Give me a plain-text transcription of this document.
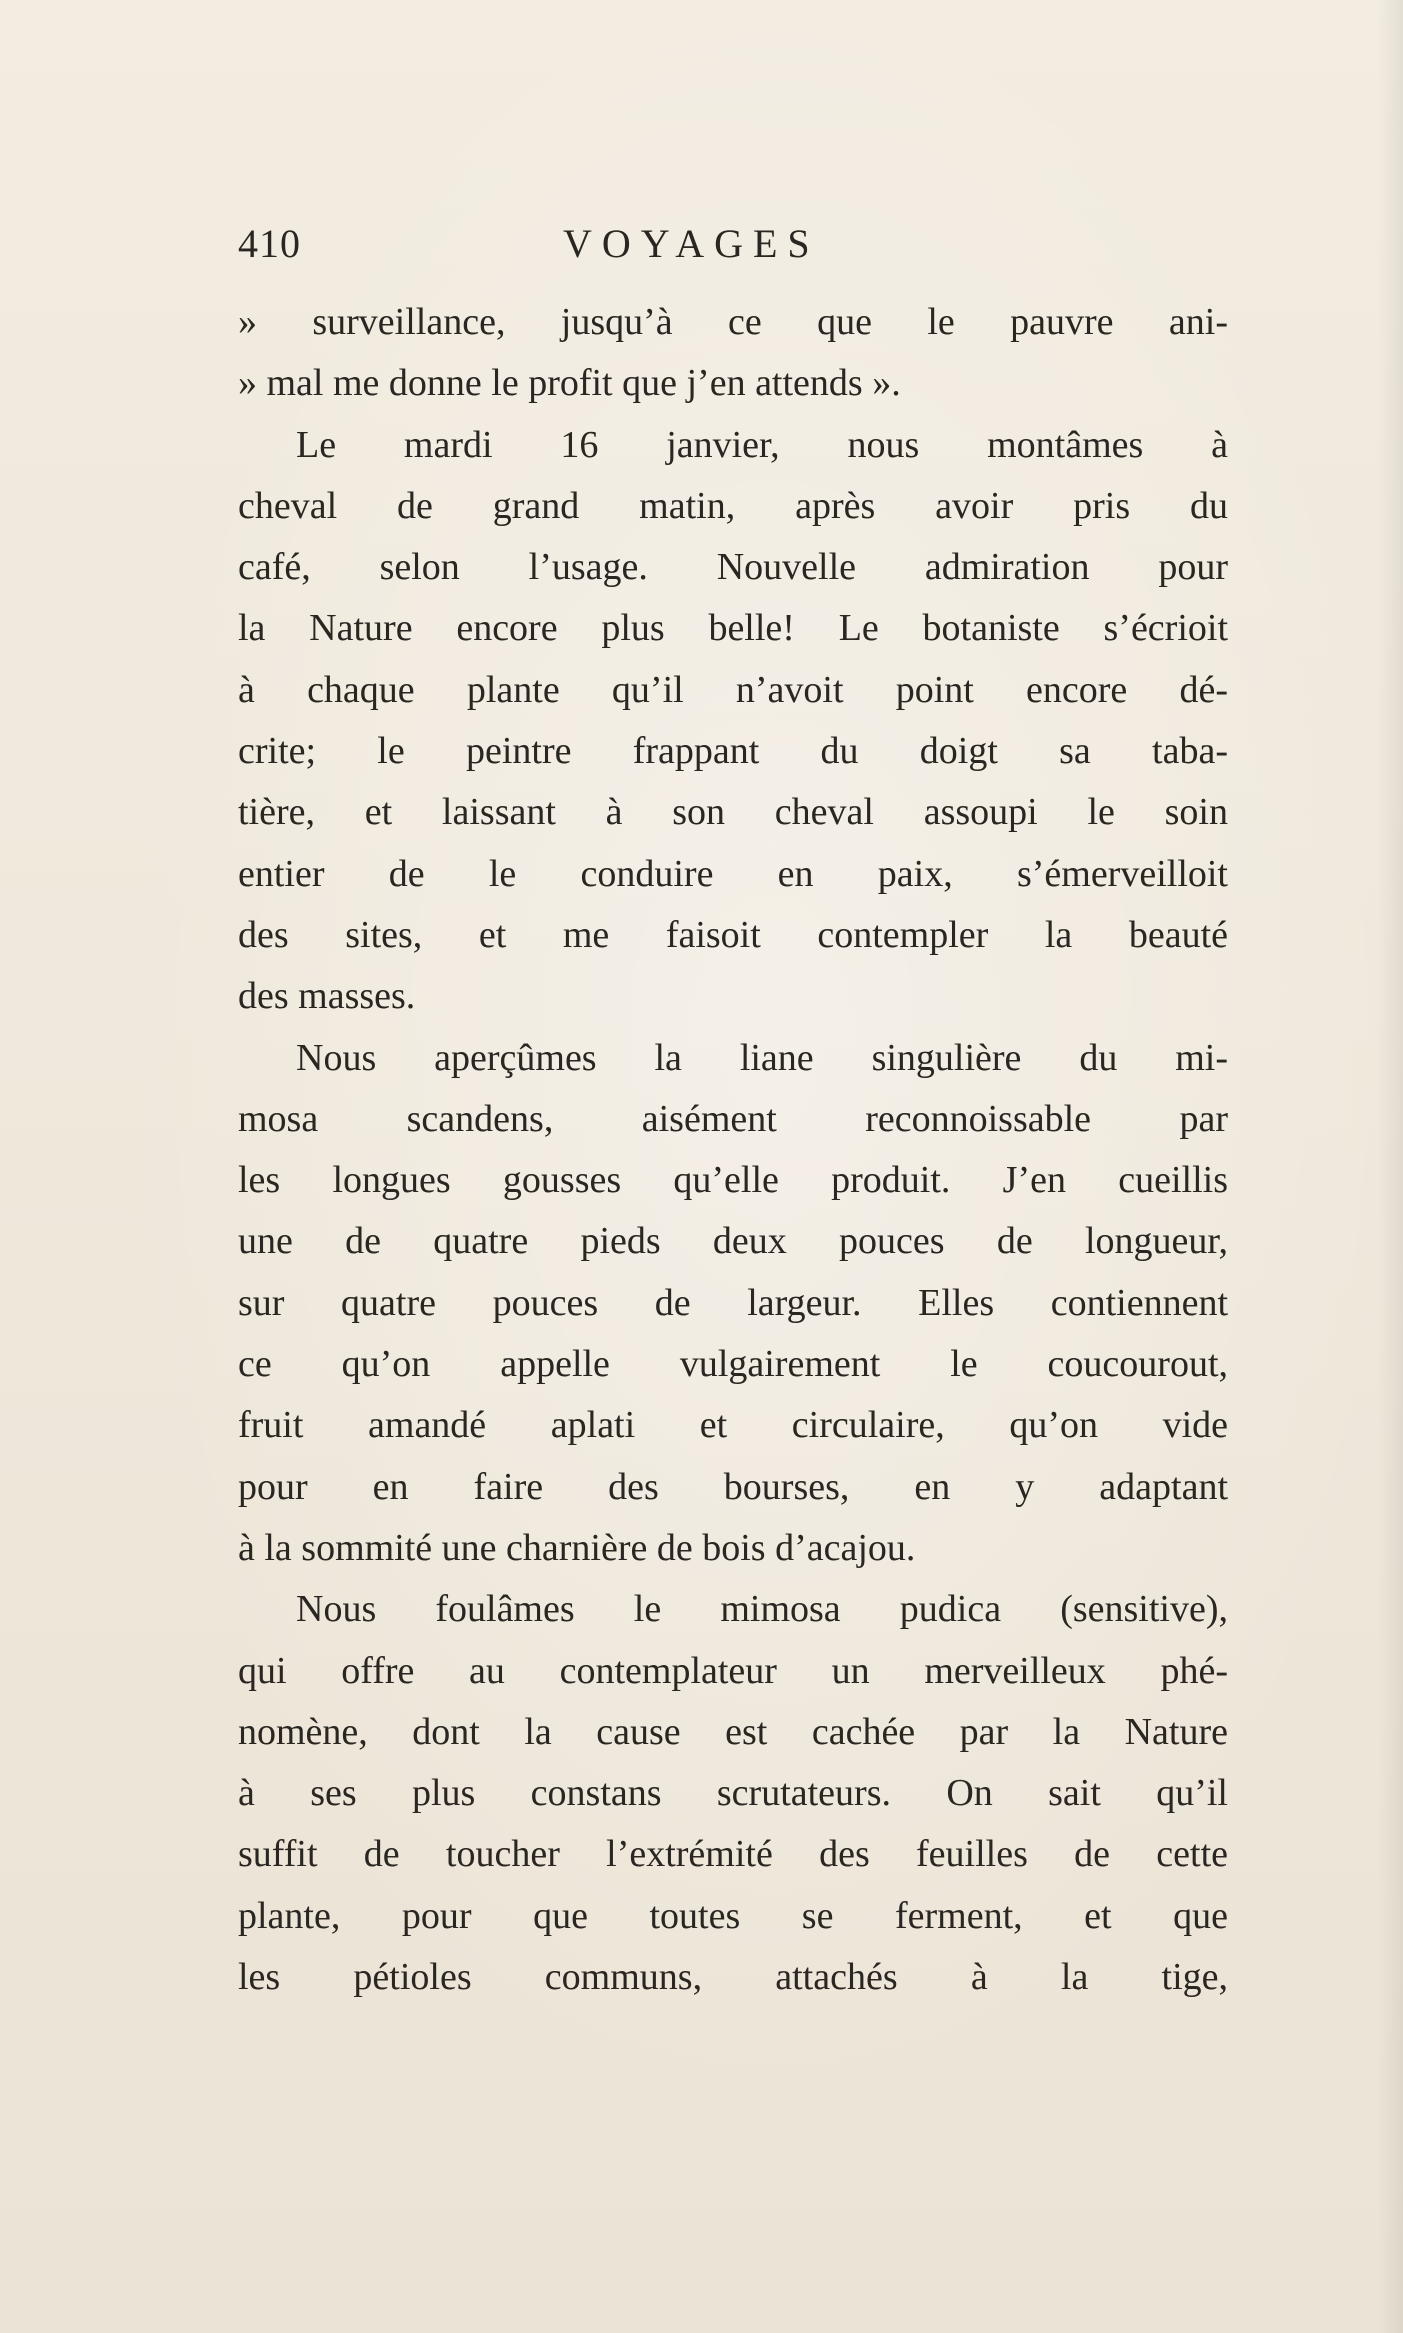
410	VOYAGES
» surveillance, jusqu’à ce que le pauvre ani-
» mal me donne le profit que j’en attends ».
Le mardi 16 janvier, nous montâmes à
cheval de grand matin, après avoir pris du
café, selon l’usage. Nouvelle admiration pour
la Nature encore plus belle! Le botaniste s’écrioit
à chaque plante qu’il n’avoit point encore dé-
crite; le peintre frappant du doigt sa taba-
tière, et laissant à son cheval assoupi le soin
entier de le conduire en paix, s’émerveilloit
des sites, et me faisoit contempler la beauté
des masses.
Nous aperçûmes la liane singulière du mi-
mosa scandens, aisément reconnoissable par
les longues gousses qu’elle produit. J’en cueillis
une de quatre pieds deux pouces de longueur,
sur quatre pouces de largeur. Elles contiennent
ce qu’on appelle vulgairement le coucourout,
fruit amandé aplati et circulaire, qu’on vide
pour en faire des bourses, en y adaptant
à la sommité une charnière de bois d’acajou.
Nous foulâmes le mimosa pudica (sensitive),
qui offre au contemplateur un merveilleux phé-
nomène, dont la cause est cachée par la Nature
à ses plus constans scrutateurs. On sait qu’il
suffit de toucher l’extrémité des feuilles de cette
plante, pour que toutes se ferment, et que
les pétioles communs, attachés à la tige,
